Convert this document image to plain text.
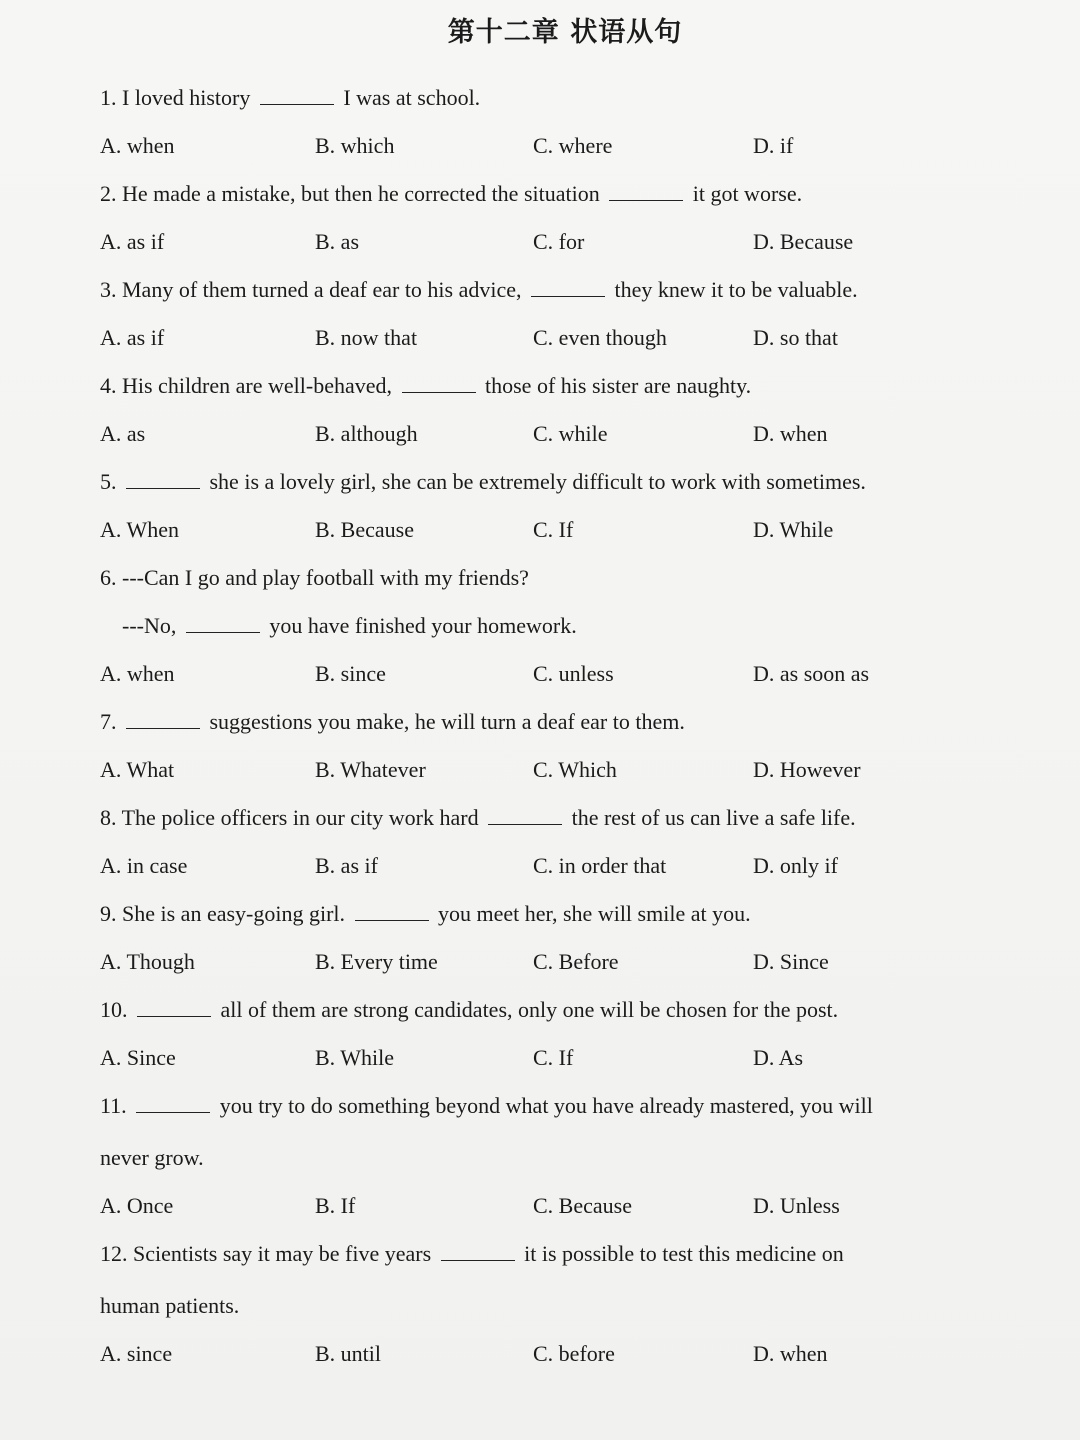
第十二章 状语从句

1. I loved history	I was at school.

A. when	B. which	C. where	D. if

2. He made a mistake, but then he corrected the situation	it got worse.

A. as if	B. as	C. for	D. Because

3. Many of them turned a deaf ear to his advice,	they knew it to be valuable.

A. as if	B. now that	C. even though	D. so that

4. His children are well-behaved,	those of his sister are naughty.

A. as	B. although	C. while	D. when

5.	she is a lovely girl, she can be extremely difficult to work with sometimes.

A. When	B. Because	C. If	D. While

6. ---Can I go and play football with my friends?
---No,	you have finished your homework.

A. when	B. since	C. unless	D. as soon as

7.	suggestions you make, he will turn a deaf ear to them.

A. What	B. Whatever	C. Which	D. However

8. The police officers in our city work hard	the rest of us can live a safe life.

A. in case	B. as if	C. in order that	D. only if

9. She is an easy-going girl.	you meet her, she will smile at you.

A. Though	B. Every time	C. Before	D. Since

10.	all of them are strong candidates, only one will be chosen for the post.

A. Since	B. While	C. If	D. As

11.	you try to do something beyond what you have already mastered, you will
never grow.

A. Once	B. If	C. Because	D. Unless

12. Scientists say it may be five years	it is possible to test this medicine on
human patients.

A. since	B. until	C. before	D. when
